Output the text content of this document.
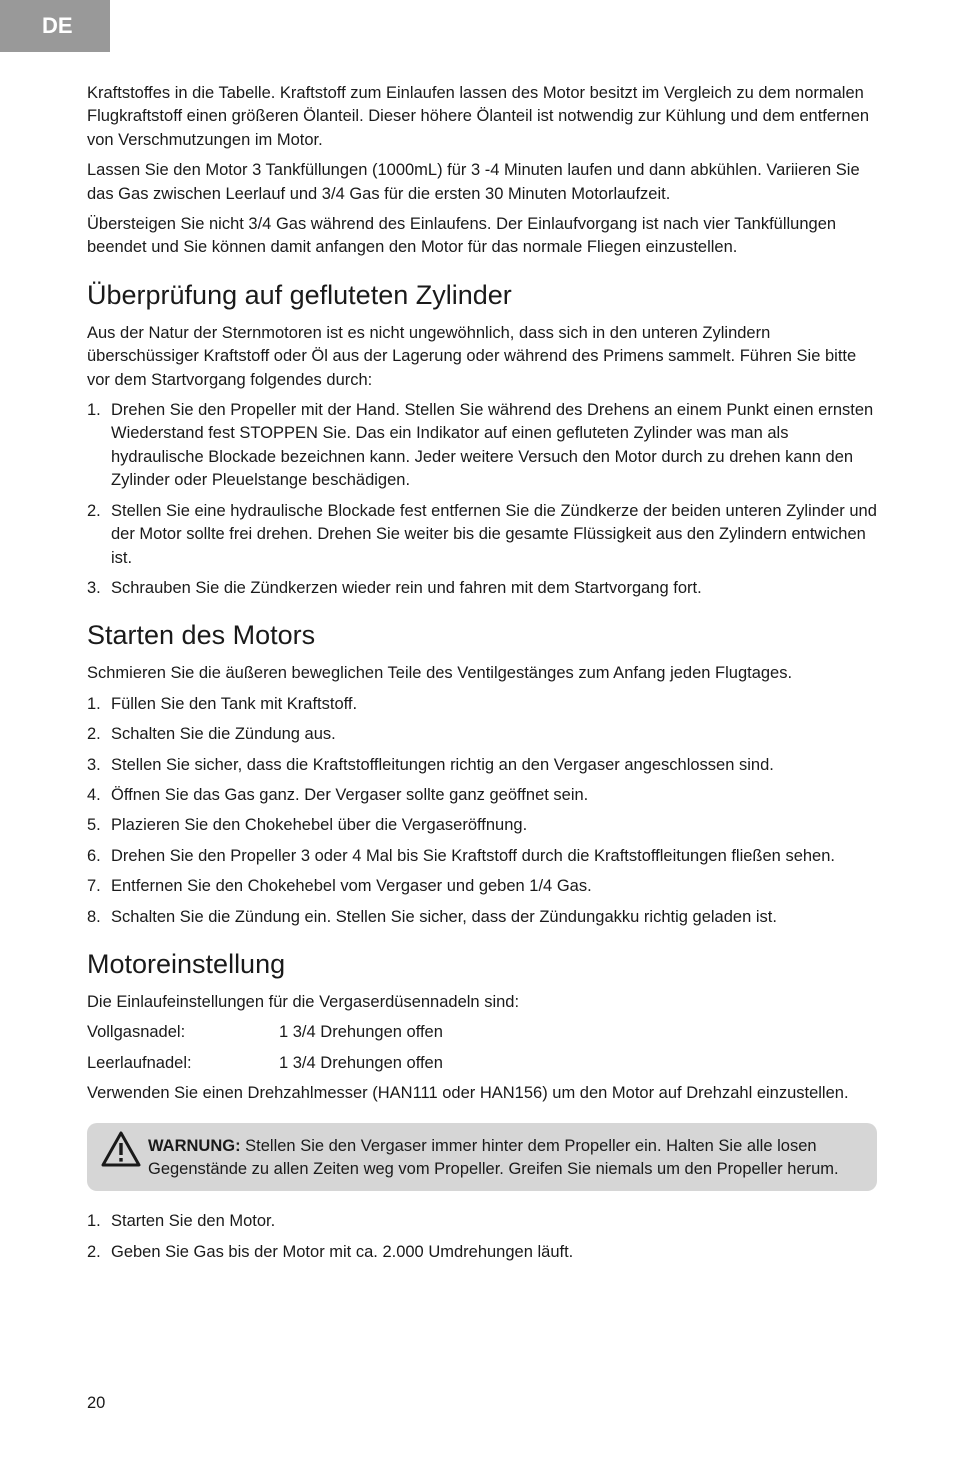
DE

Kraftstoffes in die Tabelle. Kraftstoff zum Einlaufen lassen des Motor besitzt im Vergleich zu dem normalen Flugkraftstoff einen größeren Ölanteil. Dieser höhere Ölanteil ist notwendig zur Kühlung und dem entfernen von Verschmutzungen im Motor.

Lassen Sie den Motor 3 Tankfüllungen (1000mL) für 3 -4 Minuten laufen und dann abkühlen. Variieren Sie das Gas zwischen Leerlauf und 3/4 Gas für die ersten 30 Minuten Motorlaufzeit.

Übersteigen Sie nicht 3/4 Gas während des Einlaufens. Der Einlaufvorgang ist nach vier Tankfüllungen beendet und Sie können damit anfangen den Motor für das normale Fliegen einzustellen.

Überprüfung auf gefluteten Zylinder

Aus der Natur der Sternmotoren ist es nicht ungewöhnlich, dass sich in den unteren Zylindern überschüssiger Kraftstoff oder Öl aus der Lagerung oder während des Primens sammelt. Führen Sie bitte vor dem Startvorgang folgendes durch:

1. Drehen Sie den Propeller mit der Hand. Stellen Sie während des Drehens an einem Punkt einen ernsten Wiederstand fest STOPPEN Sie. Das ein Indikator auf einen gefluteten Zylinder was man als hydraulische Blockade bezeichnen kann. Jeder weitere Versuch den Motor durch zu drehen kann den Zylinder oder Pleuelstange beschädigen.
2. Stellen Sie eine hydraulische Blockade fest entfernen Sie die Zündkerze der beiden unteren Zylinder und der Motor sollte frei drehen. Drehen Sie weiter bis die gesamte Flüssigkeit aus den Zylindern entwichen ist.
3. Schrauben Sie die Zündkerzen wieder rein und fahren mit dem Startvorgang fort.
Starten des Motors

Schmieren Sie die äußeren beweglichen Teile des Ventilgestänges zum Anfang jeden Flugtages.

1. Füllen Sie den Tank mit Kraftstoff.
2. Schalten Sie die Zündung aus.
3. Stellen Sie sicher, dass die Kraftstoffleitungen richtig an den Vergaser angeschlossen sind.
4. Öffnen Sie das Gas ganz. Der Vergaser sollte ganz geöffnet sein.
5. Plazieren Sie den Chokehebel über die Vergaseröffnung.
6. Drehen Sie den Propeller 3 oder 4 Mal bis Sie Kraftstoff durch die Kraftstoffleitungen fließen sehen.
7. Entfernen Sie den Chokehebel vom Vergaser und geben 1/4 Gas.
8. Schalten Sie die Zündung ein. Stellen Sie sicher, dass der Zündungakku richtig geladen ist.
Motoreinstellung

Die Einlaufeinstellungen für die Vergaserdüsennadeln sind:

Vollgasnadel:	1 3/4 Drehungen offen
Leerlaufnadel:	1 3/4 Drehungen offen

Verwenden Sie einen Drehzahlmesser (HAN111 oder HAN156) um den Motor auf Drehzahl einzustellen.

WARNUNG: Stellen Sie den Vergaser immer hinter dem Propeller ein. Halten Sie alle losen Gegenstände zu allen Zeiten weg vom Propeller. Greifen Sie niemals um den Propeller herum.
1. Starten Sie den Motor.
2. Geben Sie Gas bis der Motor mit ca. 2.000 Umdrehungen läuft.
20
